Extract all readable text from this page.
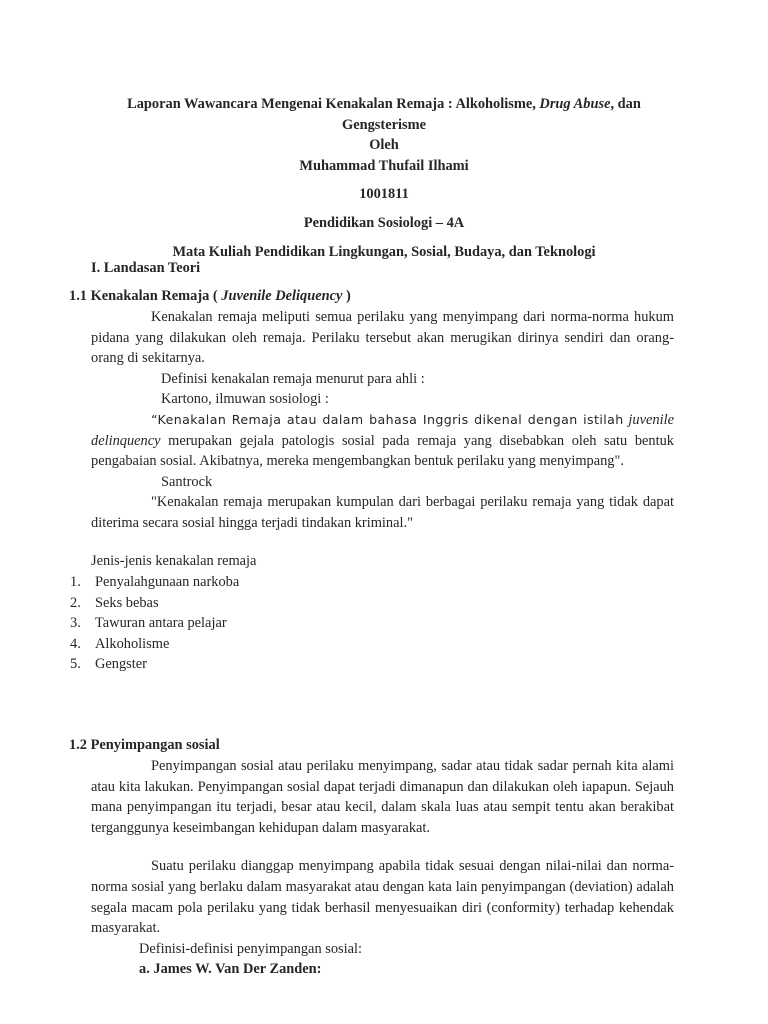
Laporan Wawancara Mengenai Kenakalan Remaja : Alkoholisme, Drug Abuse, dan
Gengsterisme
Oleh
Muhammad Thufail Ilhami
1001811
Pendidikan Sosiologi – 4A
Mata Kuliah Pendidikan Lingkungan, Sosial, Budaya, dan Teknologi
I. Landasan Teori
1.1 Kenakalan Remaja ( Juvenile Deliquency )
Kenakalan remaja meliputi semua perilaku yang menyimpang dari norma-norma hukum pidana yang dilakukan oleh remaja. Perilaku tersebut akan merugikan dirinya sendiri dan orang-orang di sekitarnya.
Definisi kenakalan remaja menurut para ahli :
Kartono, ilmuwan sosiologi :
“Kenakalan Remaja atau dalam bahasa Inggris dikenal dengan istilah juvenile delinquency merupakan gejala patologis sosial pada remaja yang disebabkan oleh satu bentuk pengabaian sosial. Akibatnya, mereka mengembangkan bentuk perilaku yang menyimpang".
Santrock
"Kenakalan remaja merupakan kumpulan dari berbagai perilaku remaja yang tidak dapat diterima secara sosial hingga terjadi tindakan kriminal."
Jenis-jenis kenakalan remaja
1. Penyalahgunaan narkoba
2. Seks bebas
3. Tawuran antara pelajar
4. Alkoholisme
5. Gengster
1.2 Penyimpangan sosial
Penyimpangan sosial atau perilaku menyimpang, sadar atau tidak sadar pernah kita alami atau kita lakukan. Penyimpangan sosial dapat terjadi dimanapun dan dilakukan oleh iapapun. Sejauh mana penyimpangan itu terjadi, besar atau kecil, dalam skala luas atau sempit tentu akan berakibat terganggunya keseimbangan kehidupan dalam masyarakat.
Suatu perilaku dianggap menyimpang apabila tidak sesuai dengan nilai-nilai dan norma-norma sosial yang berlaku dalam masyarakat atau dengan kata lain penyimpangan (deviation) adalah segala macam pola perilaku yang tidak berhasil menyesuaikan diri (conformity) terhadap kehendak masyarakat.
Definisi-definisi penyimpangan sosial:
a. James W. Van Der Zanden:
